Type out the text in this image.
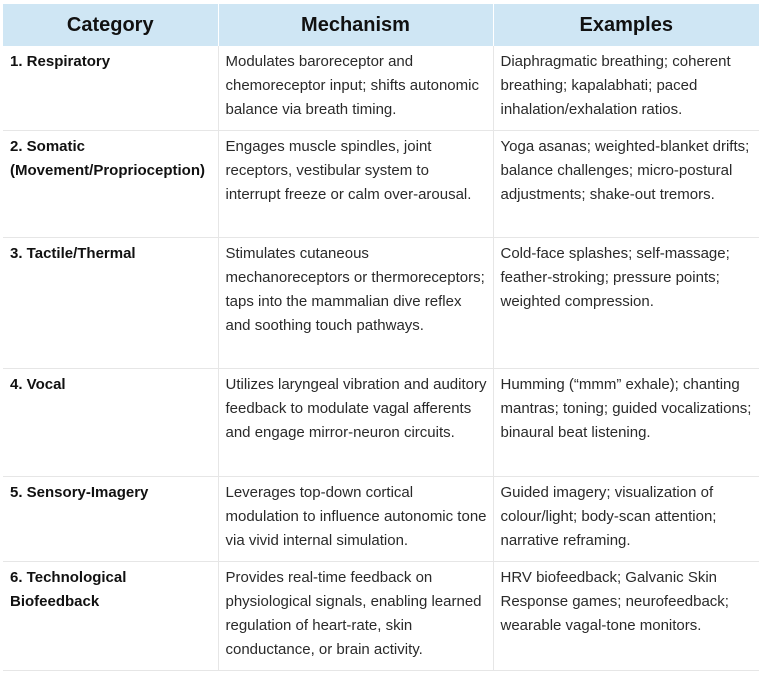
Category	Mechanism	Examples
1. Respiratory	Modulates baroreceptor and chemoreceptor input; shifts autonomic balance via breath timing.	Diaphragmatic breathing; coherent breathing; kapalabhati; paced inhalation/exhalation ratios.
2. Somatic (Movement/Proprioception)	Engages muscle spindles, joint receptors, vestibular system to interrupt freeze or calm over-arousal.	Yoga asanas; weighted-blanket drifts; balance challenges; micro-postural adjustments; shake-out tremors.
3. Tactile/Thermal	Stimulates cutaneous mechanoreceptors or thermoreceptors; taps into the mammalian dive reflex and soothing touch pathways.	Cold-face splashes; self-massage; feather-stroking; pressure points; weighted compression.
4. Vocal	Utilizes laryngeal vibration and auditory feedback to modulate vagal afferents and engage mirror-neuron circuits.	Humming (“mmm” exhale); chanting mantras; toning; guided vocalizations; binaural beat listening.
5. Sensory-Imagery	Leverages top-down cortical modulation to influence autonomic tone via vivid internal simulation.	Guided imagery; visualization of colour/light; body-scan attention; narrative reframing.
6. Technological Biofeedback	Provides real-time feedback on physiological signals, enabling learned regulation of heart-rate, skin conductance, or brain activity.	HRV biofeedback; Galvanic Skin Response games; neurofeedback; wearable vagal-tone monitors.
